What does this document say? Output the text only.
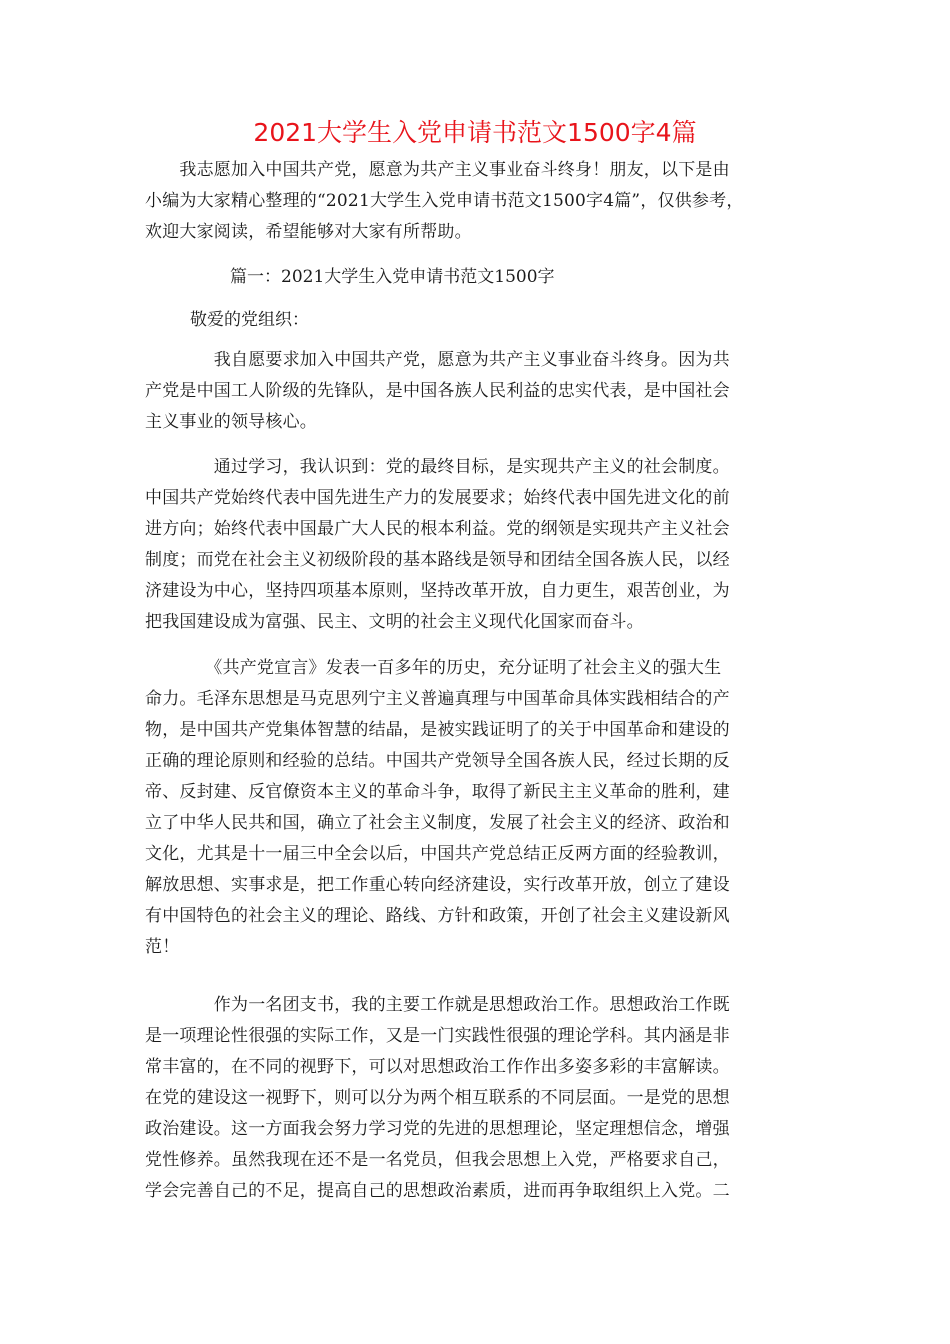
2021大学生入党申请书范文1500字4篇
　　我志愿加入中国共产党，愿意为共产主义事业奋斗终身！朋友，以下是由
小编为大家精心整理的“2021大学生入党申请书范文1500字4篇”，仅供参考，
欢迎大家阅读，希望能够对大家有所帮助。
篇一：2021大学生入党申请书范文1500字
敬爱的党组织：
　　　　我自愿要求加入中国共产党，愿意为共产主义事业奋斗终身。因为共
产党是中国工人阶级的先锋队，是中国各族人民利益的忠实代表，是中国社会
主义事业的领导核心。
　　　　通过学习，我认识到：党的最终目标，是实现共产主义的社会制度。
中国共产党始终代表中国先进生产力的发展要求；始终代表中国先进文化的前
进方向；始终代表中国最广大人民的根本利益。党的纲领是实现共产主义社会
制度；而党在社会主义初级阶段的基本路线是领导和团结全国各族人民，以经
济建设为中心，坚持四项基本原则，坚持改革开放，自力更生，艰苦创业，为
把我国建设成为富强、民主、文明的社会主义现代化国家而奋斗。
　　　　《共产党宣言》发表一百多年的历史，充分证明了社会主义的强大生
命力。毛泽东思想是马克思列宁主义普遍真理与中国革命具体实践相结合的产
物，是中国共产党集体智慧的结晶，是被实践证明了的关于中国革命和建设的
正确的理论原则和经验的总结。中国共产党领导全国各族人民，经过长期的反
帝、反封建、反官僚资本主义的革命斗争，取得了新民主主义革命的胜利，建
立了中华人民共和国，确立了社会主义制度，发展了社会主义的经济、政治和
文化，尤其是十一届三中全会以后，中国共产党总结正反两方面的经验教训，
解放思想、实事求是，把工作重心转向经济建设，实行改革开放，创立了建设
有中国特色的社会主义的理论、路线、方针和政策，开创了社会主义建设新风
范！
　　　　作为一名团支书，我的主要工作就是思想政治工作。思想政治工作既
是一项理论性很强的实际工作，又是一门实践性很强的理论学科。其内涵是非
常丰富的，在不同的视野下，可以对思想政治工作作出多姿多彩的丰富解读。
在党的建设这一视野下，则可以分为两个相互联系的不同层面。一是党的思想
政治建设。这一方面我会努力学习党的先进的思想理论，坚定理想信念，增强
党性修养。虽然我现在还不是一名党员，但我会思想上入党，严格要求自己，
学会完善自己的不足，提高自己的思想政治素质，进而再争取组织上入党。二
